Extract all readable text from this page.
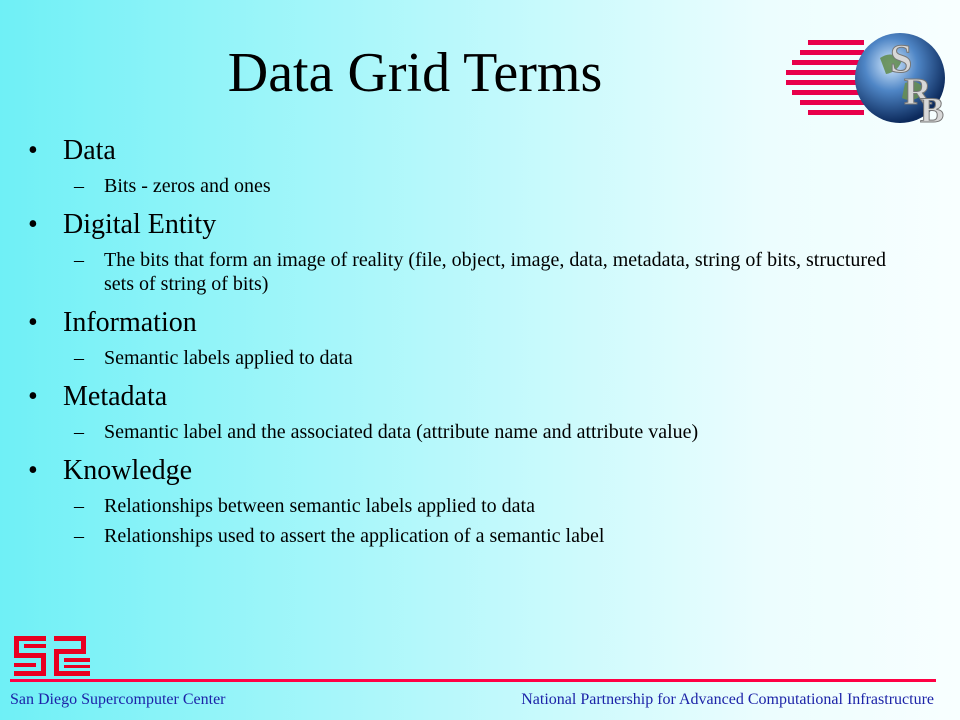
Data Grid Terms	S
R
B
• Data
– Bits - zeros and ones
• Digital Entity
– The bits that form an image of reality (file, object, image, data, metadata, string of bits, structured sets of string of bits)
• Information
– Semantic labels applied to data
• Metadata
– Semantic label and the associated data (attribute name and attribute value)
• Knowledge
– Relationships between semantic labels applied to data
– Relationships used to assert the application of a semantic label
San Diego Supercomputer Center	National Partnership for Advanced Computational Infrastructure
